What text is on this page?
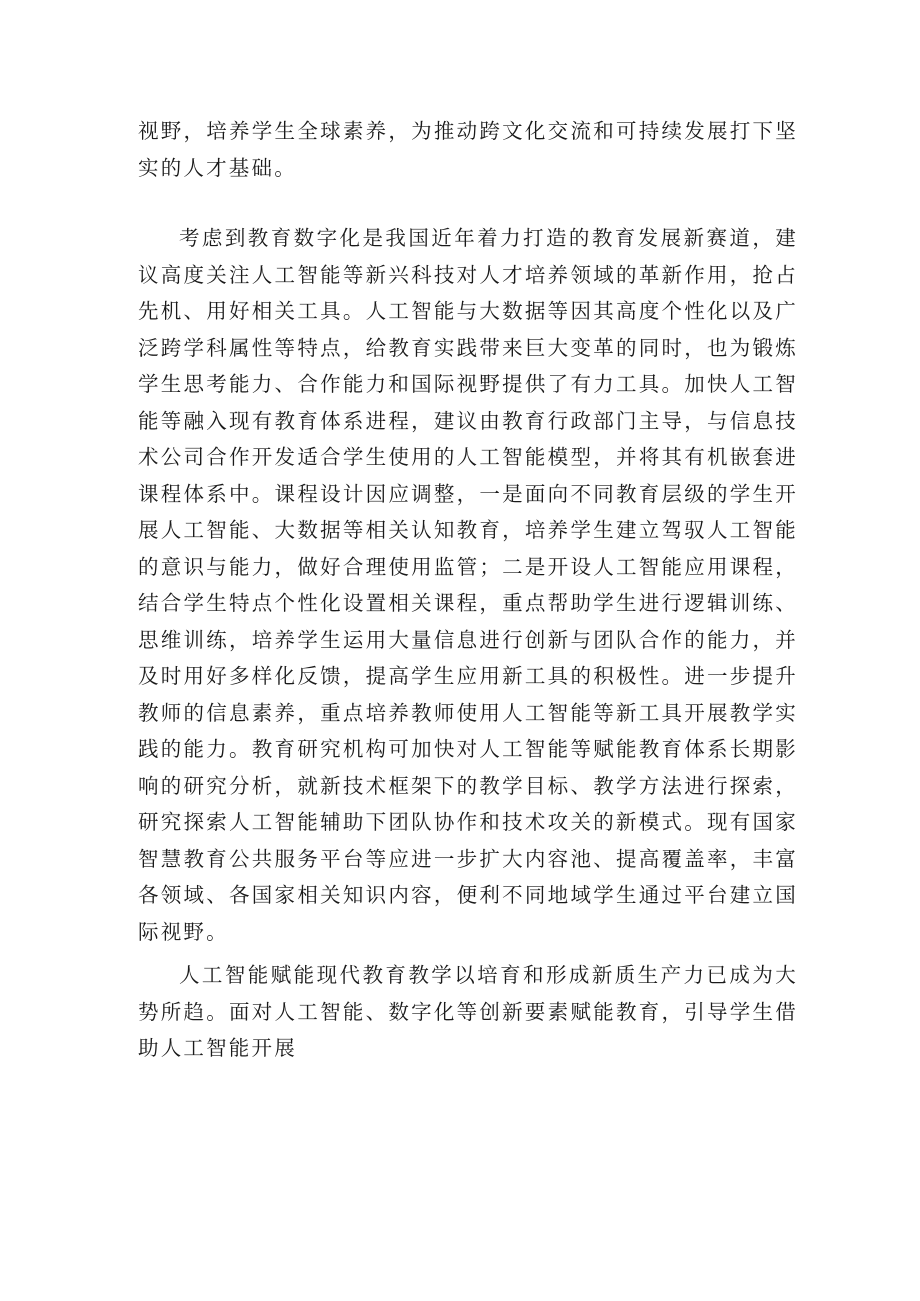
视野，培养学生全球素养，为推动跨文化交流和可持续发展打下坚实的人才基础。

考虑到教育数字化是我国近年着力打造的教育发展新赛道，建议高度关注人工智能等新兴科技对人才培养领域的革新作用，抢占先机、用好相关工具。人工智能与大数据等因其高度个性化以及广泛跨学科属性等特点，给教育实践带来巨大变革的同时，也为锻炼学生思考能力、合作能力和国际视野提供了有力工具。加快人工智能等融入现有教育体系进程，建议由教育行政部门主导，与信息技术公司合作开发适合学生使用的人工智能模型，并将其有机嵌套进课程体系中。课程设计因应调整，一是面向不同教育层级的学生开展人工智能、大数据等相关认知教育，培养学生建立驾驭人工智能的意识与能力，做好合理使用监管；二是开设人工智能应用课程，结合学生特点个性化设置相关课程，重点帮助学生进行逻辑训练、思维训练，培养学生运用大量信息进行创新与团队合作的能力，并及时用好多样化反馈，提高学生应用新工具的积极性。进一步提升教师的信息素养，重点培养教师使用人工智能等新工具开展教学实践的能力。教育研究机构可加快对人工智能等赋能教育体系长期影响的研究分析，就新技术框架下的教学目标、教学方法进行探索，研究探索人工智能辅助下团队协作和技术攻关的新模式。现有国家智慧教育公共服务平台等应进一步扩大内容池、提高覆盖率，丰富各领域、各国家相关知识内容，便利不同地域学生通过平台建立国际视野。

人工智能赋能现代教育教学以培育和形成新质生产力已成为大势所趋。面对人工智能、数字化等创新要素赋能教育，引导学生借助人工智能开展
